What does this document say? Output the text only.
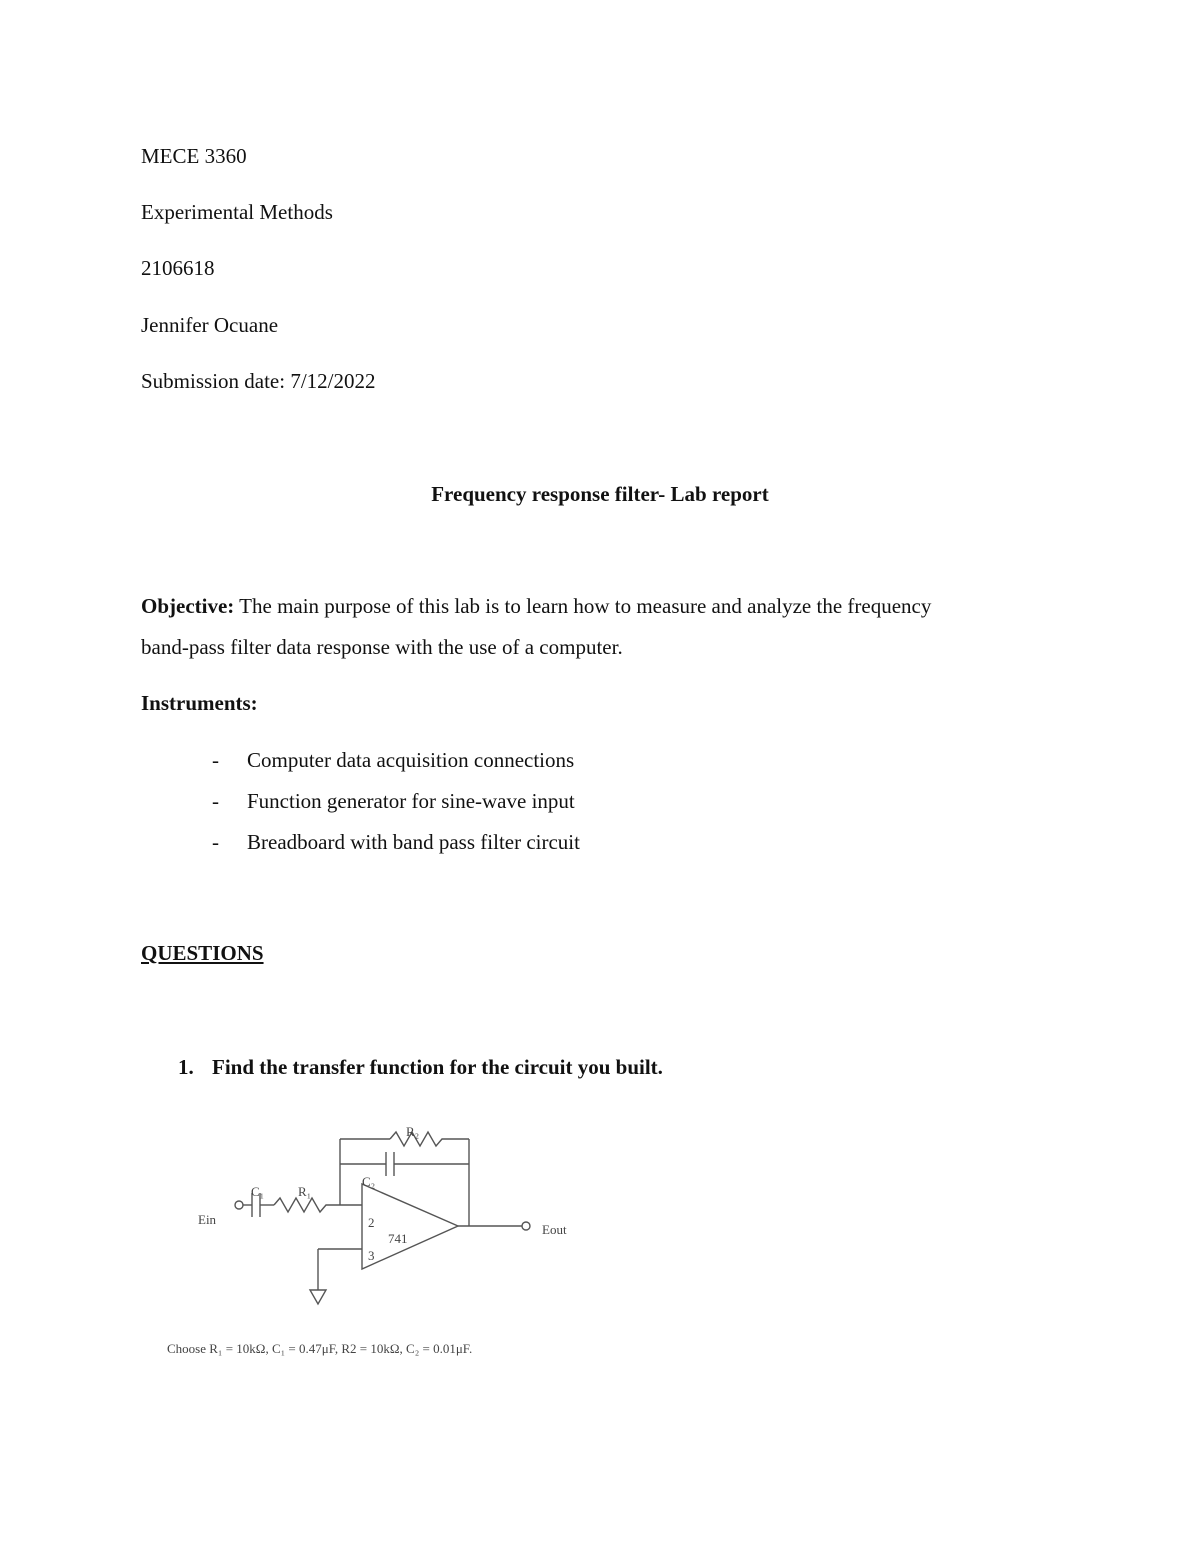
MECE 3360
Experimental Methods
2106618
Jennifer Ocuane
Submission date: 7/12/2022
Frequency response filter- Lab report
Objective: The main purpose of this lab is to learn how to measure and analyze the frequency
band-pass filter data response with the use of a computer.
Instruments:
- Computer data acquisition connections
- Function generator for sine-wave input
- Breadboard with band pass filter circuit
QUESTIONS
1. Find the transfer function for the circuit you built.
Ein
C₁	R₁
R₂
C₂
2
3
741
Eout
Choose R₁ = 10kΩ, C₁ = 0.47μF, R2 = 10kΩ, C₂ = 0.01μF.
